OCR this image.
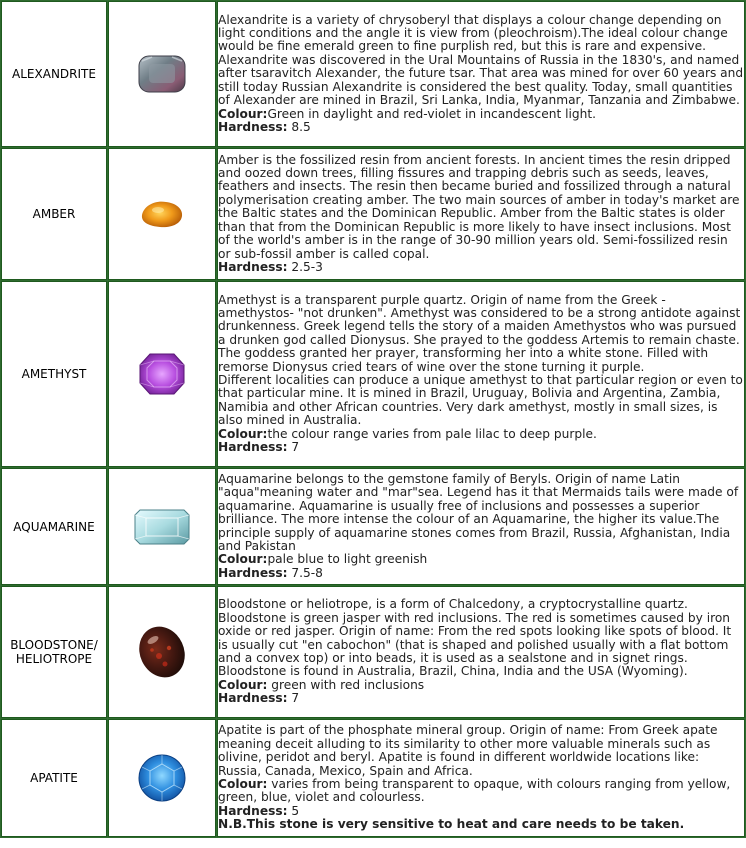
ALEXANDRITE		Alexandrite is a variety of chrysoberyl that displays a colour change depending on light conditions and the angle it is view from (pleochroism).The ideal colour change would be fine emerald green to fine purplish red, but this is rare and expensive. Alexandrite was discovered in the Ural Mountains of Russia in the 1830's, and named after tsaravitch Alexander, the future tsar. That area was mined for over 60 years and still today Russian Alexandrite is considered the best quality. Today, small quantities of Alexander are mined in Brazil, Sri Lanka, India, Myanmar, Tanzania and Zimbabwe.
Colour:Green in daylight and red-violet in incandescent light.
Hardness: 8.5

AMBER		Amber is the fossilized resin from ancient forests. In ancient times the resin dripped and oozed down trees, filling fissures and trapping debris such as seeds, leaves, feathers and insects. The resin then became buried and fossilized through a natural polymerisation creating amber. The two main sources of amber in today's market are the Baltic states and the Dominican Republic. Amber from the Baltic states is older than that from the Dominican Republic is more likely to have insect inclusions. Most of the world's amber is in the range of 30-90 million years old. Semi-fossilized resin or sub-fossil amber is called copal.
Hardness: 2.5-3

AMETHYST		Amethyst is a transparent purple quartz. Origin of name from the Greek - amethystos- "not drunken". Amethyst was considered to be a strong antidote against drunkenness. Greek legend tells the story of a maiden Amethystos who was pursued a drunken god called Dionysus. She prayed to the goddess Artemis to remain chaste. The goddess granted her prayer, transforming her into a white stone. Filled with remorse Dionysus cried tears of wine over the stone turning it purple.
Different localities can produce a unique amethyst to that particular region or even to that particular mine. It is mined in Brazil, Uruguay, Bolivia and Argentina, Zambia, Namibia and other African countries. Very dark amethyst, mostly in small sizes, is also mined in Australia.
Colour:the colour range varies from pale lilac to deep purple.
Hardness: 7

AQUAMARINE		Aquamarine belongs to the gemstone family of Beryls. Origin of name Latin "aqua"meaning water and "mar"sea. Legend has it that Mermaids tails were made of aquamarine. Aquamarine is usually free of inclusions and possesses a superior brilliance. The more intense the colour of an Aquamarine, the higher its value.The principle supply of aquamarine stones comes from Brazil, Russia, Afghanistan, India and Pakistan
Colour:pale blue to light greenish
Hardness: 7.5-8

BLOODSTONE/
HELIOTROPE		Bloodstone or heliotrope, is a form of Chalcedony, a cryptocrystalline quartz. Bloodstone is green jasper with red inclusions. The red is sometimes caused by iron oxide or red jasper. Origin of name: From the red spots looking like spots of blood. It is usually cut "en cabochon" (that is shaped and polished usually with a flat bottom and a convex top) or into beads, it is used as a sealstone and in signet rings. Bloodstone is found in Australia, Brazil, China, India and the USA (Wyoming).
Colour: green with red inclusions
Hardness: 7

APATITE		Apatite is part of the phosphate mineral group. Origin of name: From Greek apate meaning deceit alluding to its similarity to other more valuable minerals such as olivine, peridot and beryl. Apatite is found in different worldwide locations like: Russia, Canada, Mexico, Spain and Africa.
Colour: varies from being transparent to opaque, with colours ranging from yellow, green, blue, violet and colourless.
Hardness: 5
N.B.This stone is very sensitive to heat and care needs to be taken.
